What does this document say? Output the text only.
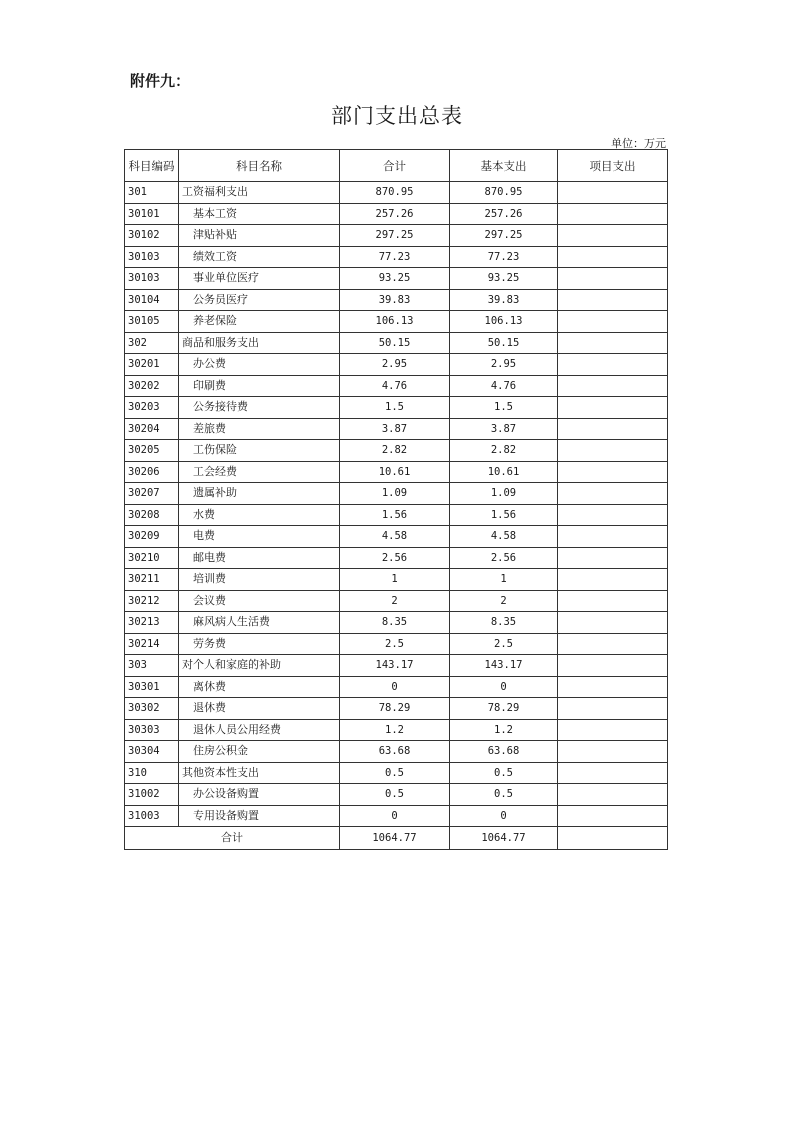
附件九：
部门支出总表
单位：万元
科目编码	科目名称	合计	基本支出	项目支出
301	工资福利支出	870.95	870.95	
30101	基本工资	257.26	257.26	
30102	津贴补贴	297.25	297.25	
30103	绩效工资	77.23	77.23	
30103	事业单位医疗	93.25	93.25	
30104	公务员医疗	39.83	39.83	
30105	养老保险	106.13	106.13	
302	商品和服务支出	50.15	50.15	
30201	办公费	2.95	2.95	
30202	印刷费	4.76	4.76	
30203	公务接待费	1.5	1.5	
30204	差旅费	3.87	3.87	
30205	工伤保险	2.82	2.82	
30206	工会经费	10.61	10.61	
30207	遗属补助	1.09	1.09	
30208	水费	1.56	1.56	
30209	电费	4.58	4.58	
30210	邮电费	2.56	2.56	
30211	培训费	1	1	
30212	会议费	2	2	
30213	麻风病人生活费	8.35	8.35	
30214	劳务费	2.5	2.5	
303	对个人和家庭的补助	143.17	143.17	
30301	离休费	0	0	
30302	退休费	78.29	78.29	
30303	退休人员公用经费	1.2	1.2	
30304	住房公积金	63.68	63.68	
310	其他资本性支出	0.5	0.5	
31002	办公设备购置	0.5	0.5	
31003	专用设备购置	0	0	
合计		1064.77	1064.77	
